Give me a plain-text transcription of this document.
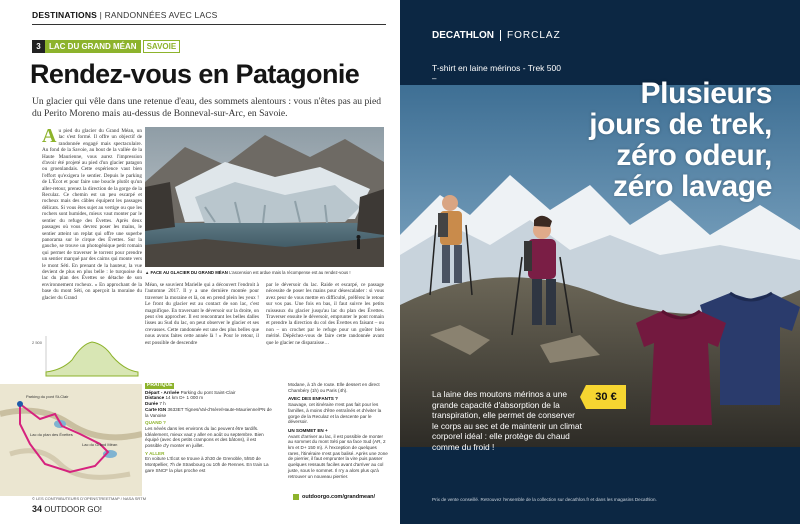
DESTINATIONS | RANDONNÉES AVEC LACS
3	LAC DU GRAND MÉAN	SAVOIE
Rendez-vous en Patagonie

Un glacier qui vêle dans une retenue d'eau, des sommets alentours : vous n'êtes pas au pied du Perito Moreno mais au-dessus de Bonneval-sur-Arc, en Savoie.

Au pied du glacier du Grand Méan, un lac s'est formé. Il offre un objectif de randonnée engagé mais spectaculaire. Au fond de la Savoie, au bout de la vallée de la Haute Maurienne, vous aurez l'impression d'avoir été projeté au pied d'un glacier patagon ou groenlandais. Cette expérience vaut bien l'effort qu'exigera le sentier. Depuis le parking de L'Écot et pour faire une boucle plutôt qu'un aller-retour, prenez la direction de la gorge de la Reculaz. Ce chemin est un peu escarpé et rocheux mais des câbles équipent les passages délicats. Si vous êtes sujet au vertige ou que les rochers sont humides, mieux vaut monter par le sentier du refuge des Évettes. Après deux passages où vous devrez poser les mains, le sentier atteint un replat qui offre une superbe panorama sur le cirque des Évettes. Sur la gauche, se trouve un photogénique petit romain qui permet de traverser le torrent pour prendre un sentier marqué par des cairns qui monte vers le mont Séti. En prenant de la hauteur, la vue devient de plus en plus belle : le turquoise du lac du plan des Évettes se détache de son environnement rocheux. « En approchant de la base du mont Séti, on aperçoit la moraine du glacier du Grand
▲ FACE AU GLACIER DU GRAND MÉAN L'ascension est ardue mais la récompense est au rendez-vous !
Méan, se souvient Marielle qui a découvert l'endroit à l'automne 2017. Il y a une dernière montée pour traverser la moraine et là, on en prend plein les yeux ! Le front du glacier est au contact de son lac, c'est magnifique. En traversant le déversoir sur la droite, on peut s'en approcher. Il est rencontrant les belles dalles lisses au Sud du lac, on peut observer le glacier et ses crevasses. Cette randonnée est une des plus belles que nous avons faites cette année là ! » Pour le retour, il est possible de descendre
par le déversoir du lac. Raide et escarpé, ce passage nécessite de poser les mains pour désescalader : si vous avez peur de vous mettre en difficulté, préférez le retour sur vos pas. Une fois en bas, il faut suivre les petits ruisseaux du glacier jusqu'au lac du plan des Évettes. Traverser ensuite le déversoir, emprunter le pont romain et prendre la direction du col des Évettes en faisant – ou non – un crochet par le refuge pour un goûter bien mérité. Dépêchez-vous de faire cette randonnée avant que le glacier ne disparaisse…
2 500
Parking du pont St-Clair
Lac du Grand Méan
Lac du plan des Évettes
PRATIQUE
Départ - Arrivée Parking du pont Saint-Clair
Distance 14 km D+ 1 000 m
Durée 7 h
Carte IGN 3633ET Tignes/Val-d'Isère/Haute-Maurienne/PN de la Vanoise
QUAND ?
Les névés dans les environs du lac peuvent être tardifs. Idéalement, mieux vaut y aller en août ou septembre. Bien équipé (avec des petits crampons et des bâtons), il est possible d'y monter en juillet.
Y ALLER
En voiture L'Écot se trouve à 2h30 de Grenoble, 5h50 de Montpellier, 7h de Strasbourg ou 10h de Rennes. En train La gare SNCF la plus proche est
Modane, à 1h de route. Elle dessert en direct Chambéry (1h) ou Paris (4h).
AVEC DES ENFANTS ?
Sauvage, cet itinéraire n'est pas fait pour les familles, à moins d'être entraînés et d'éviter la gorge de la Reculaz et la descente par le déversoir.
UN SOMMET EN +
Avant d'arriver au lac, il est possible de monter au sommet du mont Séti par sa face Sud (AR, 2 km et D+ 150 m). À l'exception de quelques rares, l'itinéraire n'est pas balisé. Après une zone de pierrier, il faut emprunter la vire puis passer quelques ressauts faciles avant d'arriver au col juste, sous le sommet. Il n'y a alors plus qu'à retrouver un nouveau pierrier.
© LES CONTRIBUTEURS D'OPENSTREETMAP / NASA SRTM
34 OUTDOOR GO!
outdoorgo.com/grandmean/
DECATHLON FORCLAZ
T-shirt en laine mérinos - Trek 500
–	Plusieurs
jours de trek,
zéro odeur,
zéro lavage
30 €
La laine des moutons mérinos a une grande capacité d'absorption de la transpiration, elle permet de conserver le corps au sec et de maintenir un climat corporel idéal : elle protège du chaud comme du froid !
Prix de vente conseillé. Retrouvez l'ensemble de la collection sur decathlon.fr et dans les magasins Decathlon.
